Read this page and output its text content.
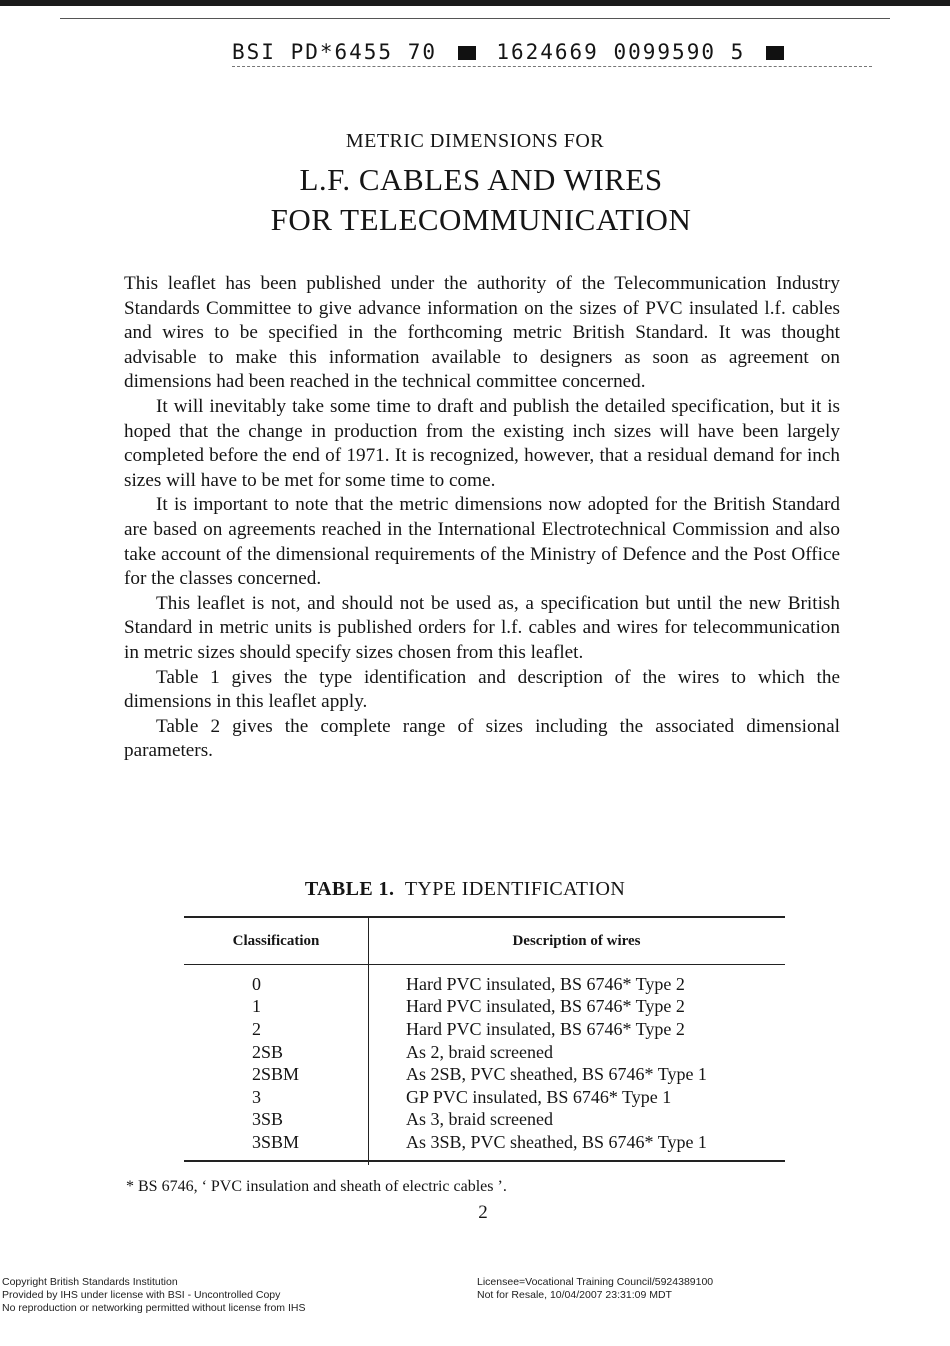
BSI PD*6455 70	1624669 0099590 5
METRIC DIMENSIONS FOR
L.F. CABLES AND WIRES
FOR TELECOMMUNICATION

This leaflet has been published under the authority of the Telecommunication Industry Standards Committee to give advance information on the sizes of PVC insulated l.f. cables and wires to be specified in the forthcoming metric British Standard. It was thought advisable to make this information available to designers as soon as agreement on dimensions had been reached in the technical committee concerned.

It will inevitably take some time to draft and publish the detailed specification, but it is hoped that the change in production from the existing inch sizes will have been largely completed before the end of 1971. It is recognized, however, that a residual demand for inch sizes will have to be met for some time to come.

It is important to note that the metric dimensions now adopted for the British Standard are based on agreements reached in the International Electrotechnical Commission and also take account of the dimensional requirements of the Ministry of Defence and the Post Office for the classes concerned.

This leaflet is not, and should not be used as, a specification but until the new British Standard in metric units is published orders for l.f. cables and wires for telecommunication in metric sizes should specify sizes chosen from this leaflet.

Table 1 gives the type identification and description of the wires to which the dimensions in this leaflet apply.

Table 2 gives the complete range of sizes including the associated dimensional parameters.

TABLE 1. TYPE IDENTIFICATION
Classification	Description of wires
0	Hard PVC insulated, BS 6746* Type 2
1	Hard PVC insulated, BS 6746* Type 2
2	Hard PVC insulated, BS 6746* Type 2
2SB	As 2, braid screened
2SBM	As 2SB, PVC sheathed, BS 6746* Type 1
3	GP PVC insulated, BS 6746* Type 1
3SB	As 3, braid screened
3SBM	As 3SB, PVC sheathed, BS 6746* Type 1
* BS 6746, ‘ PVC insulation and sheath of electric cables ’.
2
Copyright British Standards Institution
Provided by IHS under license with BSI - Uncontrolled Copy
No reproduction or networking permitted without license from IHS
Licensee=Vocational Training Council/5924389100
Not for Resale, 10/04/2007 23:31:09 MDT
